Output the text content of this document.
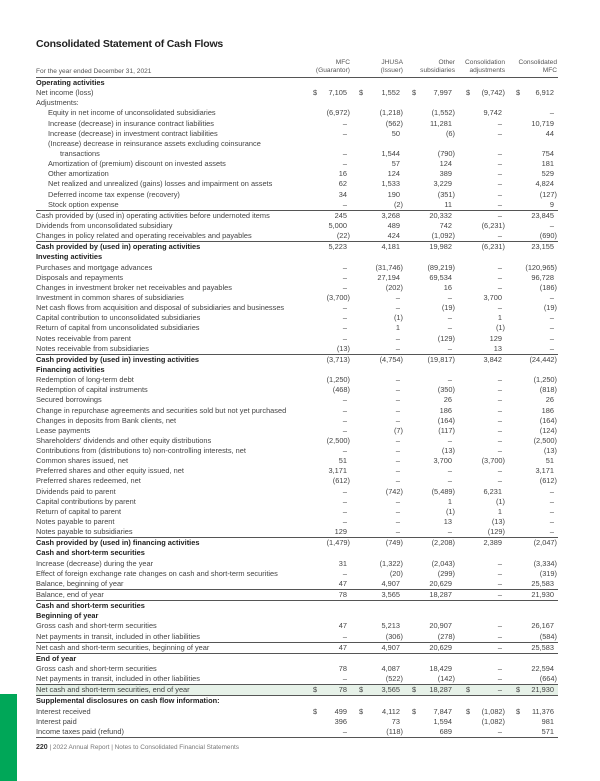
Consolidated Statement of Cash Flows
For the year ended December 31, 2021
MFC
(Guarantor)
JHUSA
(Issuer)
Other
subsidiaries
Consolidation
adjustments
Consolidated
MFC
Operating activities
Net income (loss)	$ 7,105	$ 1,552	$ 7,997	$ (9,742) $ 6,912
Adjustments:
Equity in net income of unconsolidated subsidiaries	(6,972)	(1,218)	(1,552)	9,742	–
Increase (decrease) in insurance contract liabilities	–	(562)	11,281	–	10,719
Increase (decrease) in investment contract liabilities	–	50	(6)	–	44
(Increase) decrease in reinsurance assets excluding coinsurance
transactions	–	1,544	(790)	–	754
Amortization of (premium) discount on invested assets	–	57	124	–	181
Other amortization	16	124	389	–	529
Net realized and unrealized (gains) losses and impairment on assets	62	1,533	3,229	–	4,824
Deferred income tax expense (recovery)	34	190	(351)	–	(127)
Stock option expense	–	(2)	11	–	9
Cash provided by (used in) operating activities before undernoted items	245	3,268	20,332	–	23,845
Dividends from unconsolidated subsidiary	5,000	489	742	(6,231)	–
Changes in policy related and operating receivables and payables	(22)	424	(1,092)	–	(690)
Cash provided by (used in) operating activities	5,223	4,181	19,982	(6,231)	23,155
Investing activities
Purchases and mortgage advances	–	(31,746)	(89,219)	–	(120,965)
Disposals and repayments	–	27,194	69,534	–	96,728
Changes in investment broker net receivables and payables	–	(202)	16	–	(186)
Investment in common shares of subsidiaries	(3,700)	–	–	3,700	–
Net cash flows from acquisition and disposal of subsidiaries and businesses	–	–	(19)	–	(19)
Capital contribution to unconsolidated subsidiaries	–	(1)	–	1	–
Return of capital from unconsolidated subsidiaries	–	1	–	(1)	–
Notes receivable from parent	–	–	(129)	129	–
Notes receivable from subsidiaries	(13)	–	–	13	–
Cash provided by (used in) investing activities	(3,713)	(4,754)	(19,817)	3,842	(24,442)
Financing activities
Redemption of long-term debt	(1,250)	–	–	–	(1,250)
Redemption of capital instruments	(468)	–	(350)	–	(818)
Secured borrowings	–	–	26	–	26
Change in repurchase agreements and securities sold but not yet purchased	–	–	186	–	186
Changes in deposits from Bank clients, net	–	–	(164)	–	(164)
Lease payments	–	(7)	(117)	–	(124)
Shareholders' dividends and other equity distributions	(2,500)	–	–	–	(2,500)
Contributions from (distributions to) non-controlling interests, net	–	–	(13)	–	(13)
Common shares issued, net	51	–	3,700	(3,700)	51
Preferred shares and other equity issued, net	3,171	–	–	–	3,171
Preferred shares redeemed, net	(612)	–	–	–	(612)
Dividends paid to parent	–	(742)	(5,489)	6,231	–
Capital contributions by parent	–	–	1	(1)	–
Return of capital to parent	–	–	(1)	1	–
Notes payable to parent	–	–	13	(13)	–
Notes payable to subsidiaries	129	–	–	(129)	–
Cash provided by (used in) financing activities	(1,479)	(749)	(2,208)	2,389	(2,047)
Cash and short-term securities
Increase (decrease) during the year	31	(1,322)	(2,043)	–	(3,334)
Effect of foreign exchange rate changes on cash and short-term securities	–	(20)	(299)	–	(319)
Balance, beginning of year	47	4,907	20,629	–	25,583
Balance, end of year	78	3,565	18,287	–	21,930
Cash and short-term securities
Beginning of year
Gross cash and short-term securities	47	5,213	20,907	–	26,167
Net payments in transit, included in other liabilities	–	(306)	(278)	–	(584)
Net cash and short-term securities, beginning of year	47	4,907	20,629	–	25,583
End of year
Gross cash and short-term securities	78	4,087	18,429	–	22,594
Net payments in transit, included in other liabilities	–	(522)	(142)	–	(664)
Net cash and short-term securities, end of year	$	78	$ 3,565	$ 18,287	$	–	$ 21,930
Supplemental disclosures on cash flow information:
Interest received	$ 499	$	4,112	$ 7,847	$ (1,082) $ 11,376
Interest paid	396	73	1,594	(1,082)	981
Income taxes paid (refund)	–	(118)	689	–	571
220 | 2022 Annual Report | Notes to Consolidated Financial Statements
